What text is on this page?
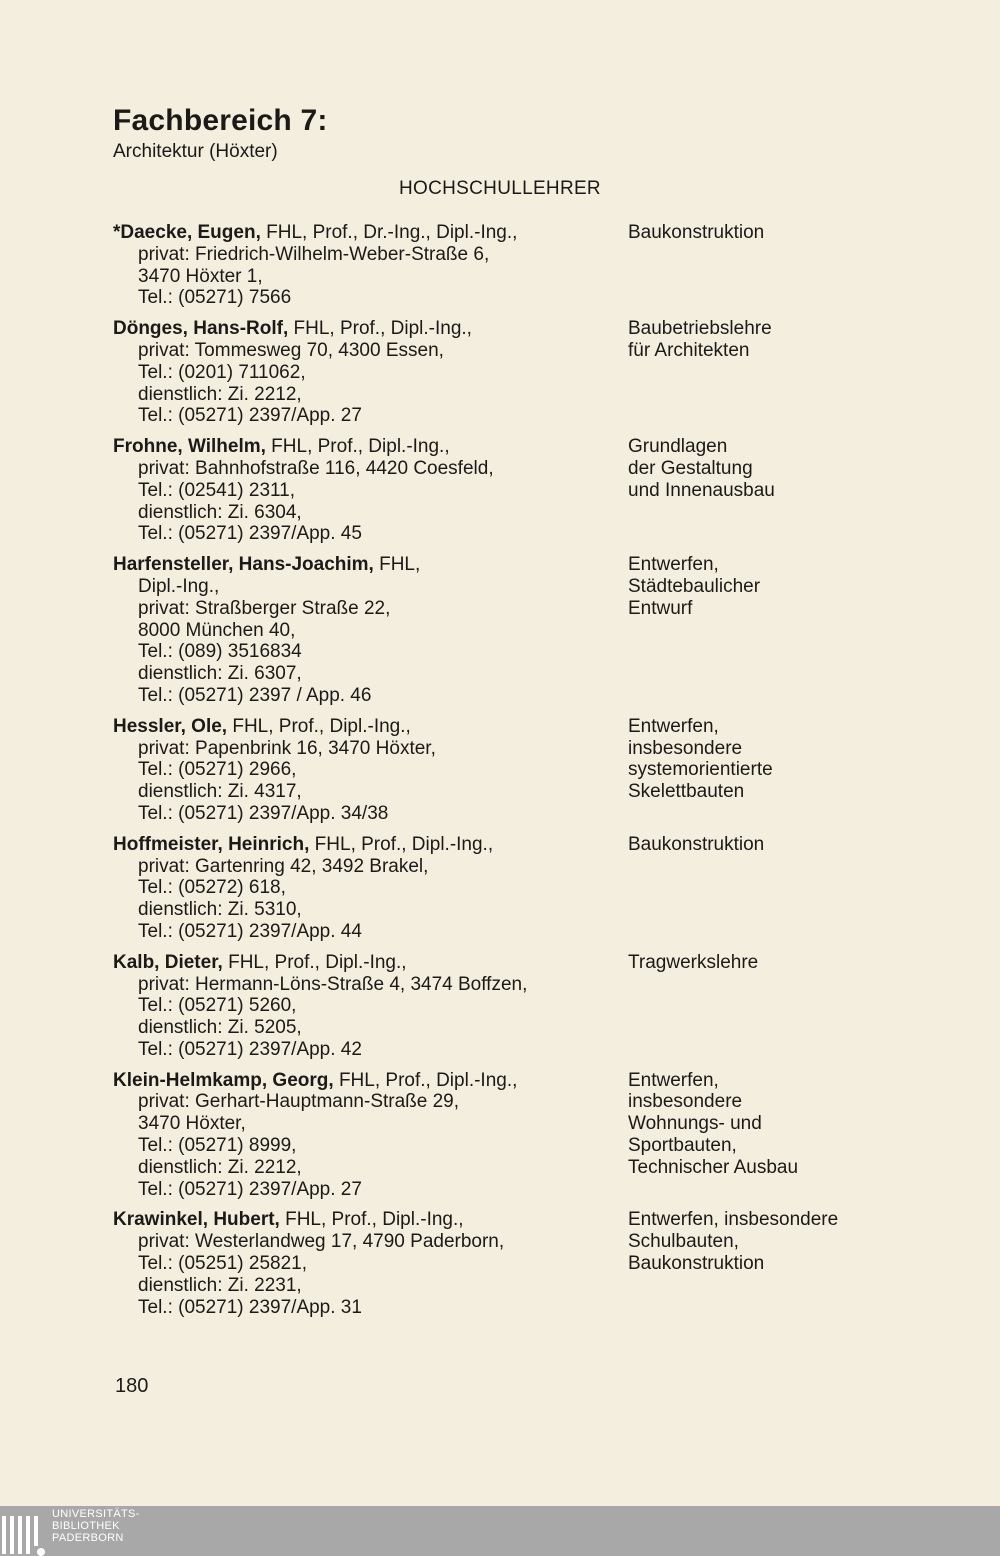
Fachbereich 7:
Architektur (Höxter)
HOCHSCHULLEHRER
*Daecke, Eugen, FHL, Prof., Dr.-Ing., Dipl.-Ing.,
privat: Friedrich-Wilhelm-Weber-Straße 6,
3470 Höxter 1,
Tel.: (05271) 7566
Baukonstruktion
Dönges, Hans-Rolf, FHL, Prof., Dipl.-Ing.,
privat: Tommesweg 70, 4300 Essen,
Tel.: (0201) 711062,
dienstlich: Zi. 2212,
Tel.: (05271) 2397/App. 27
Baubetriebslehre
für Architekten
Frohne, Wilhelm, FHL, Prof., Dipl.-Ing.,
privat: Bahnhofstraße 116, 4420 Coesfeld,
Tel.: (02541) 2311,
dienstlich: Zi. 6304,
Tel.: (05271) 2397/App. 45
Grundlagen
der Gestaltung
und Innenausbau
Harfensteller, Hans-Joachim, FHL,
Dipl.-Ing.,
privat: Straßberger Straße 22,
8000 München 40,
Tel.: (089) 3516834
dienstlich: Zi. 6307,
Tel.: (05271) 2397 / App. 46
Entwerfen,
Städtebaulicher
Entwurf
Hessler, Ole, FHL, Prof., Dipl.-Ing.,
privat: Papenbrink 16, 3470 Höxter,
Tel.: (05271) 2966,
dienstlich: Zi. 4317,
Tel.: (05271) 2397/App. 34/38
Entwerfen,
insbesondere
systemorientierte
Skelettbauten
Hoffmeister, Heinrich, FHL, Prof., Dipl.-Ing.,
privat: Gartenring 42, 3492 Brakel,
Tel.: (05272) 618,
dienstlich: Zi. 5310,
Tel.: (05271) 2397/App. 44
Baukonstruktion
Kalb, Dieter, FHL, Prof., Dipl.-Ing.,
privat: Hermann-Löns-Straße 4, 3474 Boffzen,
Tel.: (05271) 5260,
dienstlich: Zi. 5205,
Tel.: (05271) 2397/App. 42
Tragwerkslehre
Klein-Helmkamp, Georg, FHL, Prof., Dipl.-Ing.,
privat: Gerhart-Hauptmann-Straße 29,
3470 Höxter,
Tel.: (05271) 8999,
dienstlich: Zi. 2212,
Tel.: (05271) 2397/App. 27
Entwerfen,
insbesondere
Wohnungs- und
Sportbauten,
Technischer Ausbau
Krawinkel, Hubert, FHL, Prof., Dipl.-Ing.,
privat: Westerlandweg 17, 4790 Paderborn,
Tel.: (05251) 25821,
dienstlich: Zi. 2231,
Tel.: (05271) 2397/App. 31
Entwerfen, insbesondere
Schulbauten,
Baukonstruktion
180
UNIVERSITÄTS-
BIBLIOTHEK
PADERBORN
